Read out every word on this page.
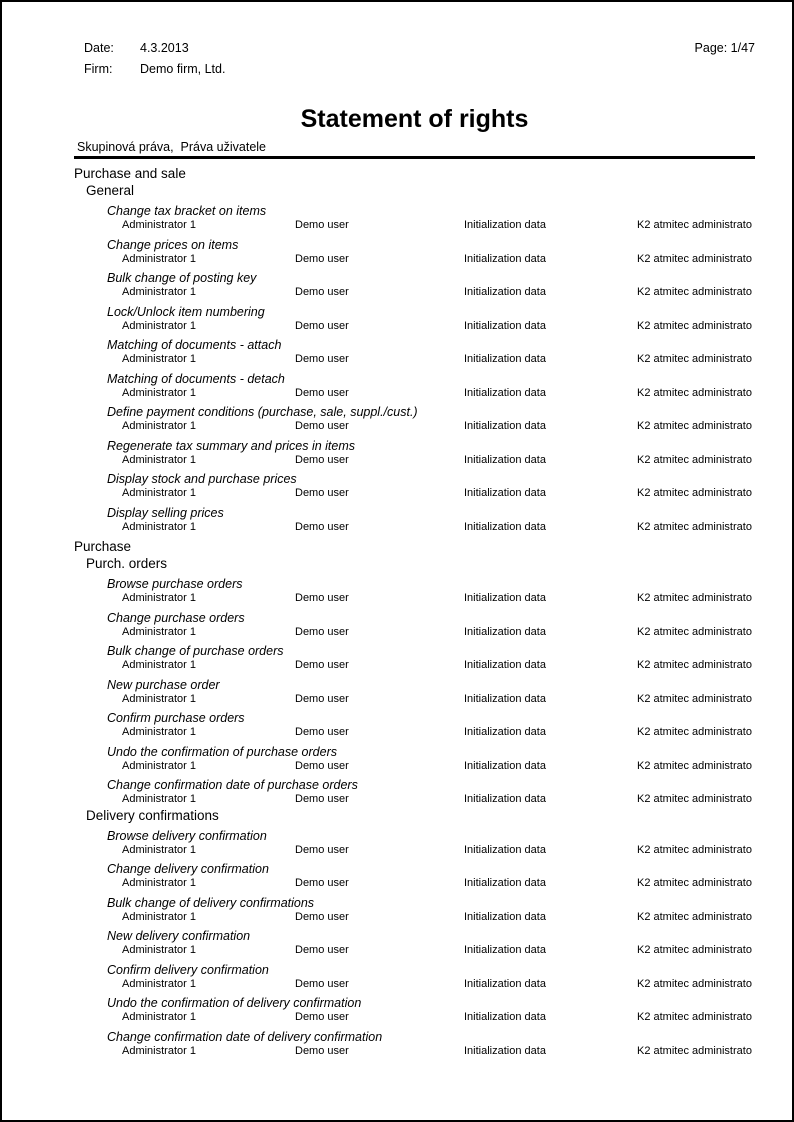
Date: 4.3.2013
Firm: Demo firm, Ltd.
Page: 1/47
Statement of rights
Skupinová práva,  Práva uživatele
Purchase and sale
General
Change tax bracket on items
Administrator 1	Demo user	Initialization data	K2 atmitec administrato
Change prices on items
Administrator 1	Demo user	Initialization data	K2 atmitec administrato
Bulk change of posting key
Administrator 1	Demo user	Initialization data	K2 atmitec administrato
Lock/Unlock item numbering
Administrator 1	Demo user	Initialization data	K2 atmitec administrato
Matching of documents - attach
Administrator 1	Demo user	Initialization data	K2 atmitec administrato
Matching of documents - detach
Administrator 1	Demo user	Initialization data	K2 atmitec administrato
Define payment conditions (purchase, sale, suppl./cust.)
Administrator 1	Demo user	Initialization data	K2 atmitec administrato
Regenerate tax summary and prices in items
Administrator 1	Demo user	Initialization data	K2 atmitec administrato
Display stock and purchase prices
Administrator 1	Demo user	Initialization data	K2 atmitec administrato
Display selling prices
Administrator 1	Demo user	Initialization data	K2 atmitec administrato
Purchase
Purch. orders
Browse purchase orders
Administrator 1	Demo user	Initialization data	K2 atmitec administrato
Change purchase orders
Administrator 1	Demo user	Initialization data	K2 atmitec administrato
Bulk change of purchase orders
Administrator 1	Demo user	Initialization data	K2 atmitec administrato
New purchase order
Administrator 1	Demo user	Initialization data	K2 atmitec administrato
Confirm purchase orders
Administrator 1	Demo user	Initialization data	K2 atmitec administrato
Undo the confirmation of purchase orders
Administrator 1	Demo user	Initialization data	K2 atmitec administrato
Change confirmation date of purchase orders
Administrator 1	Demo user	Initialization data	K2 atmitec administrato
Delivery confirmations
Browse delivery confirmation
Administrator 1	Demo user	Initialization data	K2 atmitec administrato
Change delivery confirmation
Administrator 1	Demo user	Initialization data	K2 atmitec administrato
Bulk change of delivery confirmations
Administrator 1	Demo user	Initialization data	K2 atmitec administrato
New delivery confirmation
Administrator 1	Demo user	Initialization data	K2 atmitec administrato
Confirm delivery confirmation
Administrator 1	Demo user	Initialization data	K2 atmitec administrato
Undo the confirmation of delivery confirmation
Administrator 1	Demo user	Initialization data	K2 atmitec administrato
Change confirmation date of delivery confirmation
Administrator 1	Demo user	Initialization data	K2 atmitec administrato
